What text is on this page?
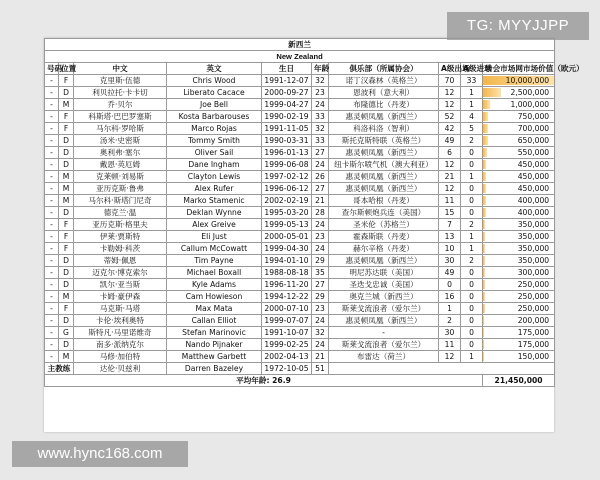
新西兰									
New Zealand									
号码	位置	中文	英文	生日	年龄	俱乐部（所属协会）	A级出场	A级进球	转会市场网市场价值（欧元）
-	F	克里斯·伍德	Chris Wood	1991-12-07	32	诺丁汉森林（英格兰）	70	33	10,000,000

-	D	利贝拉托·卡卡切	Liberato Cacace	2000-09-27	23	恩波利（意大利）	12	1	2,500,000

-	M	乔·贝尔	Joe Bell	1999-04-27	24	布隆德比（丹麦）	12	1	1,000,000

-	F	科斯塔·巴巴罗塞斯	Kosta Barbarouses	1990-02-19	33	惠灵顿凤凰（新西兰）	52	4	750,000

-	F	马尔科·罗哈斯	Marco Rojas	1991-11-05	32	科洛科洛（智利）	42	5	700,000

-	D	汤米·史密斯	Tommy Smith	1990-03-31	33	斯托克斯特联（英格兰）	49	2	650,000

-	D	奥利弗·塞尔	Oliver Sail	1996-01-13	27	惠灵顿凤凰（新西兰）	6	0	550,000

-	D	戴恩·英厄姆	Dane Ingham	1999-06-08	24	纽卡斯尔喷气机（澳大利亚）	12	0	450,000

-	M	克莱顿·刘易斯	Clayton Lewis	1997-02-12	26	惠灵顿凤凰（新西兰）	21	1	450,000

-	M	亚历克斯·鲁弗	Alex Rufer	1996-06-12	27	惠灵顿凤凰（新西兰）	12	0	450,000

-	M	马尔科·斯塔门尼奇	Marko Stamenic	2002-02-19	21	哥本哈根（丹麦）	11	0	400,000

-	D	德克兰·温	Deklan Wynne	1995-03-20	28	查尔斯顿炮兵连（美国）	15	0	400,000

-	F	亚历克斯·格里夫	Alex Greive	1999-05-13	24	圣米伦（苏格兰）	7	2	350,000

-	F	伊莱·贾斯特	Eli Just	2000-05-01	23	霍森斯联（丹麦）	13	1	350,000

-	F	卡勒姆·科茨	Callum McCowatt	1999-04-30	24	赫尔辛格（丹麦）	10	1	350,000

-	D	蒂姆·佩恩	Tim Payne	1994-01-10	29	惠灵顿凤凰（新西兰）	30	2	350,000

-	D	迈克尔·博克索尔	Michael Boxall	1988-08-18	35	明尼苏达联（美国）	49	0	300,000

-	D	凯尔·亚当斯	Kyle Adams	1996-11-20	27	圣迭戈忠诚（美国）	0	0	250,000

-	M	卡姆·豪伊森	Cam Howieson	1994-12-22	29	奥克兰城（新西兰）	16	0	250,000

-	F	马克斯·马塔	Max Mata	2000-07-10	23	斯莱戈流浪者（爱尔兰）	1	0	250,000

-	D	卡伦·埃利奥特	Callan Elliot	1999-07-07	24	惠灵顿凤凰（新西兰）	2	0	200,000

-	G	斯特凡·马里诺维奇	Stefan Marinovic	1991-10-07	32	-	30	0	175,000

-	D	南多·派纳克尔	Nando Pijnaker	1999-02-25	24	斯莱戈流浪者（爱尔兰）	11	0	175,000

-	M	马修·加伯特	Matthew Garbett	2002-04-13	21	布雷达（荷兰）	12	1	150,000

主教练		达伦·贝兹利	Darren Bazeley	1972-10-05	51				
平均年龄: 26.9									21,450,000
TG: MYYJJPP
www.hync168.com
